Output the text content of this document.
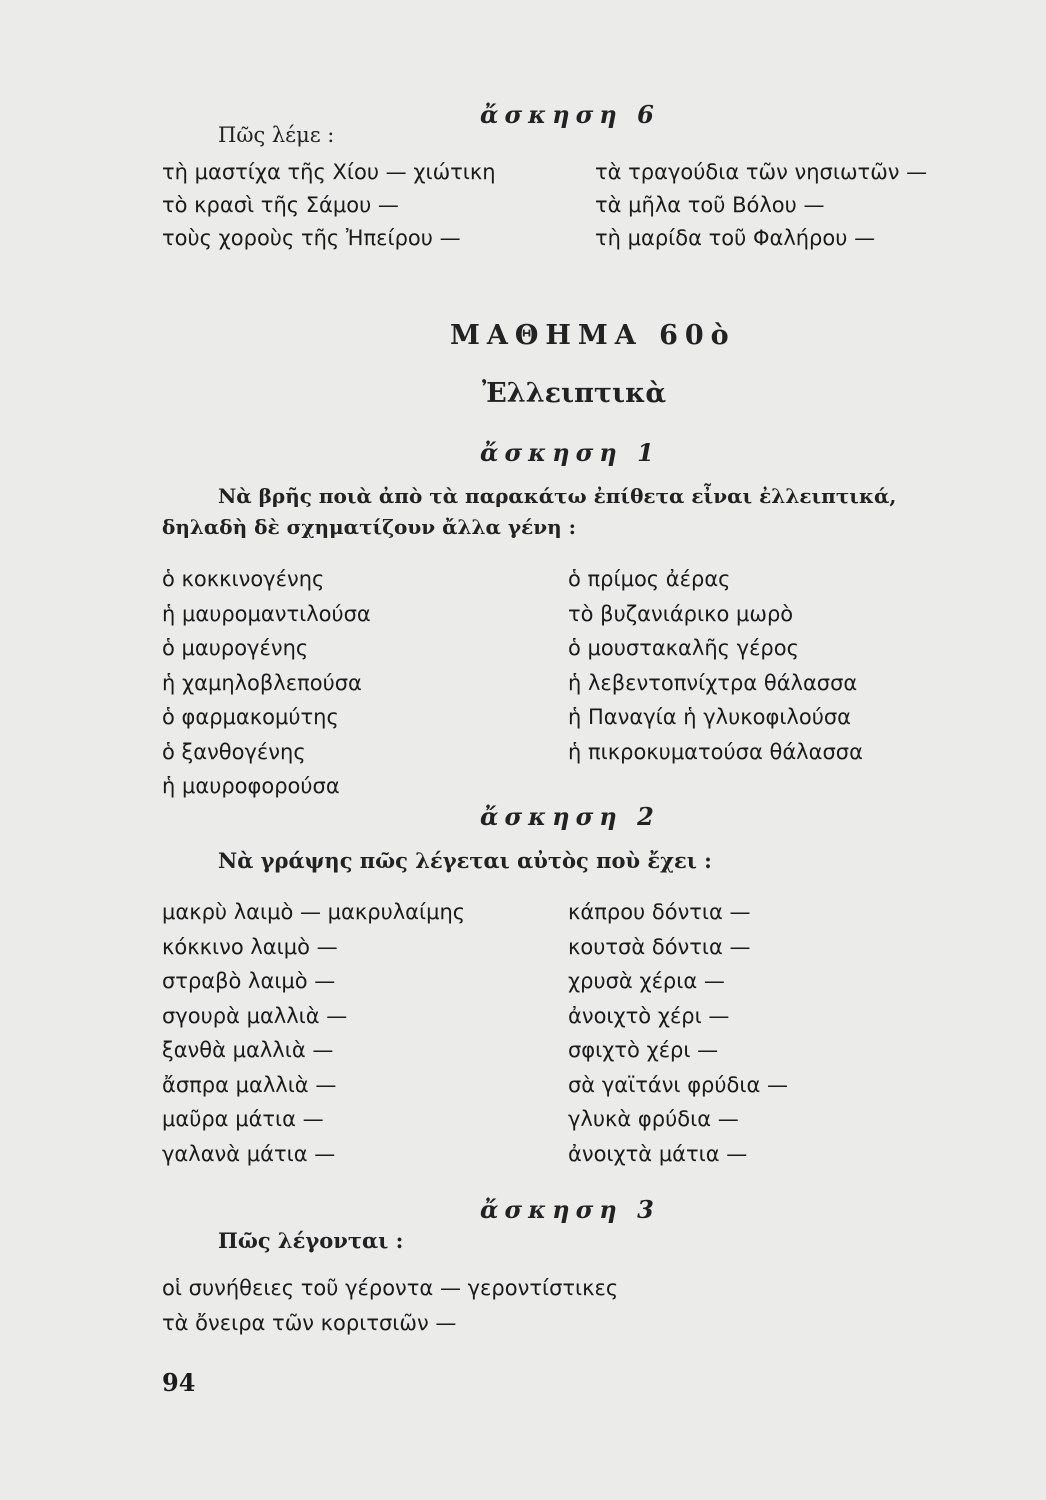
ἄσκηση 6
Πῶς λέμε :
τὴ μαστίχα τῆς Χίου — χιώτικη
τὸ κρασὶ τῆς Σάμου —
τοὺς χοροὺς τῆς Ἠπείρου —
τὰ τραγούδια τῶν νησιωτῶν —
τὰ μῆλα τοῦ Βόλου —
τὴ μαρίδα τοῦ Φαλήρου —
ΜΑΘΗΜΑ 60ὸ
Ἐλλειπτικὰ
ἄσκηση 1
Νὰ βρῆς ποιὰ ἀπὸ τὰ παρακάτω ἐπίθετα εἶναι ἐλλειπτικά,
δηλαδὴ δὲ σχηματίζουν ἄλλα γένη :
ὁ κοκκινογένης
ἡ μαυρομαντιλούσα
ὁ μαυρογένης
ἡ χαμηλοβλεπούσα
ὁ φαρμακομύτης
ὁ ξανθογένης
ἡ μαυροφορούσα
ὁ πρίμος ἀέρας
τὸ βυζανιάρικο μωρὸ
ὁ μουστακαλῆς γέρος
ἡ λεβεντοπνίχτρα θάλασσα
ἡ Παναγία ἡ γλυκοφιλούσα
ἡ πικροκυματούσα θάλασσα
ἄσκηση 2
Νὰ γράψης πῶς λέγεται αὐτὸς ποὺ ἔχει :
μακρὺ λαιμὸ — μακρυλαίμης
κόκκινο λαιμὸ —
στραβὸ λαιμὸ —
σγουρὰ μαλλιὰ —
ξανθὰ μαλλιὰ —
ἄσπρα μαλλιὰ —
μαῦρα μάτια —
γαλανὰ μάτια —
κάπρου δόντια —
κουτσὰ δόντια —
χρυσὰ χέρια —
ἀνοιχτὸ χέρι —
σφιχτὸ χέρι —
σὰ γαϊτάνι φρύδια —
γλυκὰ φρύδια —
ἀνοιχτὰ μάτια —
ἄσκηση 3
Πῶς λέγονται :
οἱ συνήθειες τοῦ γέροντα — γεροντίστικες
τὰ ὄνειρα τῶν κοριτσιῶν —
94
